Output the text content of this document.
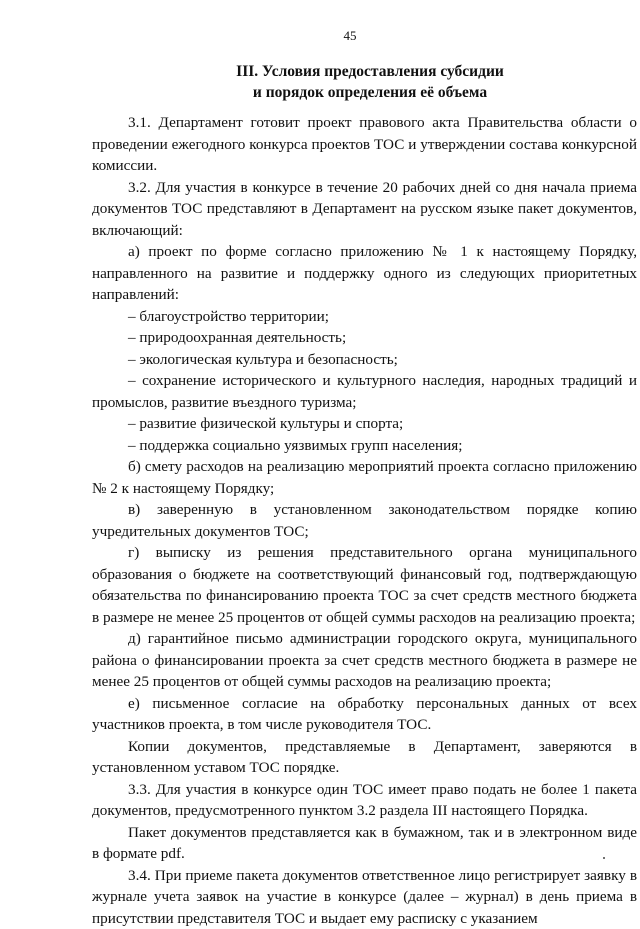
45
III. Условия предоставления субсидии
и порядок определения её объема

3.1. Департамент готовит проект правового акта Правительства области о проведении ежегодного конкурса проектов ТОС и утверждении состава конкурсной комиссии.

3.2. Для участия в конкурсе в течение 20 рабочих дней со дня начала приема документов ТОС представляют в Департамент на русском языке пакет документов, включающий:

а) проект по форме согласно приложению № 1 к настоящему Порядку, направленного на развитие и поддержку одного из следующих приоритетных направлений:

– благоустройство территории;

– природоохранная деятельность;

– экологическая культура и безопасность;

– сохранение исторического и культурного наследия, народных традиций и промыслов, развитие въездного туризма;

– развитие физической культуры и спорта;

– поддержка социально уязвимых групп населения;

б) смету расходов на реализацию мероприятий проекта согласно приложению № 2 к настоящему Порядку;

в) заверенную в установленном законодательством порядке копию учредительных документов ТОС;

г) выписку из решения представительного органа муниципального образования о бюджете на соответствующий финансовый год, подтверждающую обязательства по финансированию проекта ТОС за счет средств местного бюджета в размере не менее 25 процентов от общей суммы расходов на реализацию проекта;

д) гарантийное письмо администрации городского округа, муниципального района о финансировании проекта за счет средств местного бюджета в размере не менее 25 процентов от общей суммы расходов на реализацию проекта;

е) письменное согласие на обработку персональных данных от всех участников проекта, в том числе руководителя ТОС.

Копии документов, представляемые в Департамент, заверяются в установленном уставом ТОС порядке.

3.3. Для участия в конкурсе один ТОС имеет право подать не более 1 пакета документов, предусмотренного пунктом 3.2 раздела III настоящего Порядка.

Пакет документов представляется как в бумажном, так и в электронном виде в формате pdf.

3.4. При приеме пакета документов ответственное лицо регистрирует заявку в журнале учета заявок на участие в конкурсе (далее – журнал) в день приема в присутствии представителя ТОС и выдает ему расписку с указанием
